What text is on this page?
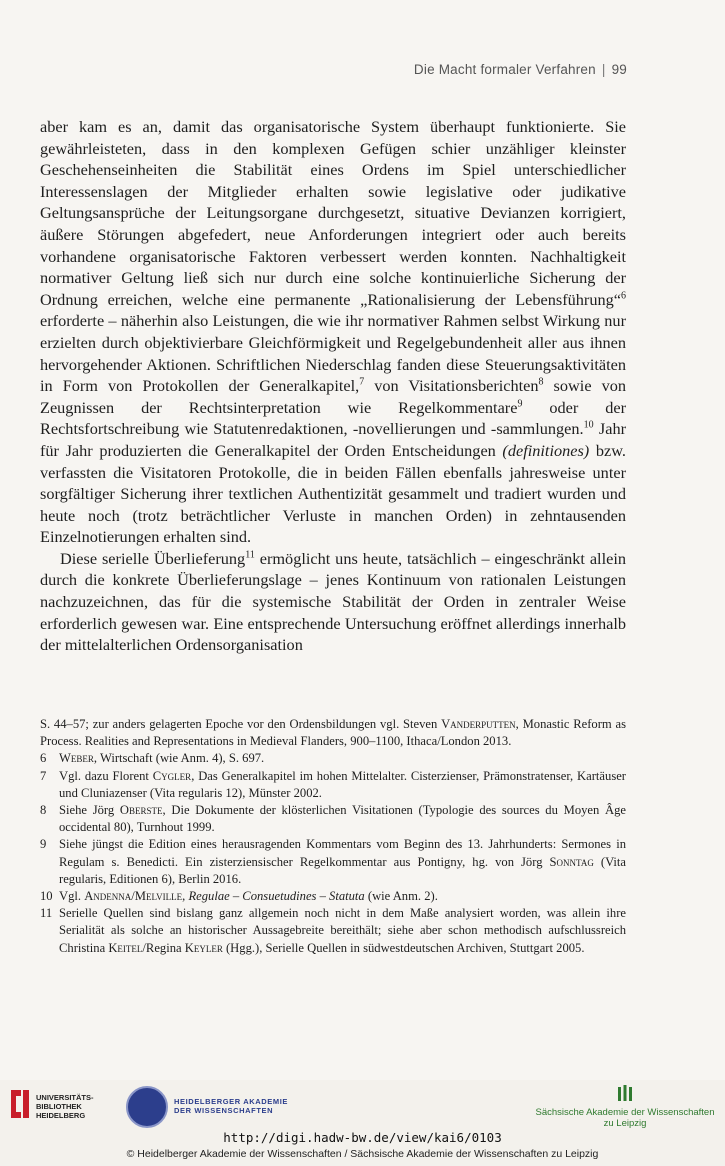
Die Macht formaler Verfahren | 99

aber kam es an, damit das organisatorische System überhaupt funktionierte. Sie gewährleisteten, dass in den komplexen Gefügen schier unzähliger kleinster Geschehenseinheiten die Stabilität eines Ordens im Spiel unterschiedlicher Interessenslagen der Mitglieder erhalten sowie legislative oder judikative Geltungsansprüche der Leitungsorgane durchgesetzt, situative Devianzen korrigiert, äußere Störungen abgefedert, neue Anforderungen integriert oder auch bereits vorhandene organisatorische Faktoren verbessert werden konnten. Nachhaltigkeit normativer Geltung ließ sich nur durch eine solche kontinuierliche Sicherung der Ordnung erreichen, welche eine permanente „Rationalisierung der Lebensführung“$^6$ erforderte – näherhin also Leistungen, die wie ihr normativer Rahmen selbst Wirkung nur erzielten durch objektivierbare Gleichförmigkeit und Regelgebundenheit aller aus ihnen hervorgehender Aktionen. Schriftlichen Niederschlag fanden diese Steuerungsaktivitäten in Form von Protokollen der Generalkapitel,$^7$ von Visitationsberichten$^8$ sowie von Zeugnissen der Rechtsinterpretation wie Regelkommentare$^9$ oder der Rechtsfortschreibung wie Statutenredaktionen, -novellierungen und -sammlungen.$^{10}$ Jahr für Jahr produzierten die Generalkapitel der Orden Entscheidungen (definitiones) bzw. verfassten die Visitatoren Protokolle, die in beiden Fällen ebenfalls jahresweise unter sorgfältiger Sicherung ihrer textlichen Authentizität gesammelt und tradiert wurden und heute noch (trotz beträchtlicher Verluste in manchen Orden) in zehntausenden Einzelnotierungen erhalten sind.

Diese serielle Überlieferung$^{11}$ ermöglicht uns heute, tatsächlich – eingeschränkt allein durch die konkrete Überlieferungslage – jenes Kontinuum von rationalen Leistungen nachzuzeichnen, das für die systemische Stabilität der Orden in zentraler Weise erforderlich gewesen war. Eine entsprechende Untersuchung eröffnet allerdings innerhalb der mittelalterlichen Ordensorganisation

S. 44–57; zur anders gelagerten Epoche vor den Ordensbildungen vgl. Steven Vanderputten, Monastic Reform as Process. Realities and Representations in Medieval Flanders, 900–1100, Ithaca/London 2013.
6	Weber, Wirtschaft (wie Anm. 4), S. 697.
7	Vgl. dazu Florent Cygler, Das Generalkapitel im hohen Mittelalter. Cisterzienser, Prämonstratenser, Kartäuser und Cluniazenser (Vita regularis 12), Münster 2002.
8	Siehe Jörg Oberste, Die Dokumente der klösterlichen Visitationen (Typologie des sources du Moyen Âge occidental 80), Turnhout 1999.
9	Siehe jüngst die Edition eines herausragenden Kommentars vom Beginn des 13. Jahrhunderts: Sermones in Regulam s. Benedicti. Ein zisterziensischer Regelkommentar aus Pontigny, hg. von Jörg Sonntag (Vita regularis, Editionen 6), Berlin 2016.
10 Vgl. Andenna/Melville, Regulae – Consuetudines – Statuta (wie Anm. 2).
11 Serielle Quellen sind bislang ganz allgemein noch nicht in dem Maße analysiert worden, was allein ihre Serialität als solche an historischer Aussagebreite bereithält; siehe aber schon methodisch aufschlussreich Christina Keitel/Regina Keyler (Hgg.), Serielle Quellen in südwestdeutschen Archiven, Stuttgart 2005.
UNIVERSITÄTS-
BIBLIOTHEK
HEIDELBERG
HEIDELBERGER AKADEMIE
DER WISSENSCHAFTEN	Sächsische Akademie der Wissenschaften
zu Leipzig
http://digi.hadw-bw.de/view/kai6/0103
© Heidelberger Akademie der Wissenschaften / Sächsische Akademie der Wissenschaften zu Leipzig
